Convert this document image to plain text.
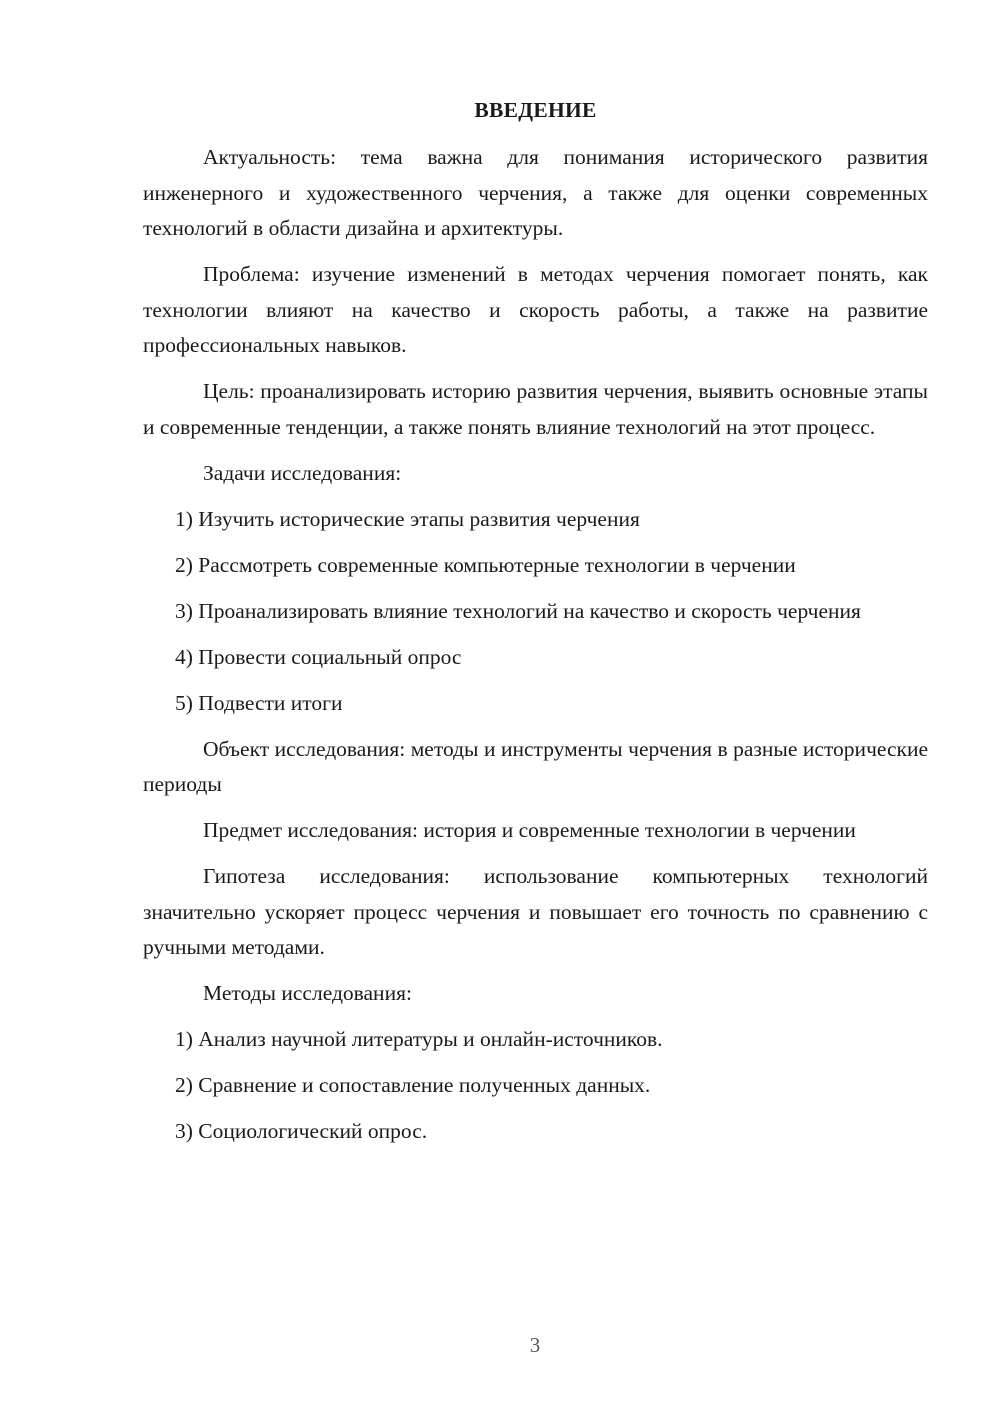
ВВЕДЕНИЕ

Актуальность: тема важна для понимания исторического развития инженерного и художественного черчения, а также для оценки современных технологий в области дизайна и архитектуры.

Проблема: изучение изменений в методах черчения помогает понять, как технологии влияют на качество и скорость работы, а также на развитие профессиональных навыков.

Цель: проанализировать историю развития черчения, выявить основные этапы и современные тенденции, а также понять влияние технологий на этот процесс.

Задачи исследования:

1) Изучить исторические этапы развития черчения

2) Рассмотреть современные компьютерные технологии в черчении

3) Проанализировать влияние технологий на качество и скорость черчения

4) Провести социальный опрос

5) Подвести итоги

Объект исследования: методы и инструменты черчения в разные исторические периоды

Предмет исследования: история и современные технологии в черчении

Гипотеза исследования: использование компьютерных технологий значительно ускоряет процесс черчения и повышает его точность по сравнению с ручными методами.

Методы исследования:

1) Анализ научной литературы и онлайн-источников.

2) Сравнение и сопоставление полученных данных.

3) Социологический опрос.

3
